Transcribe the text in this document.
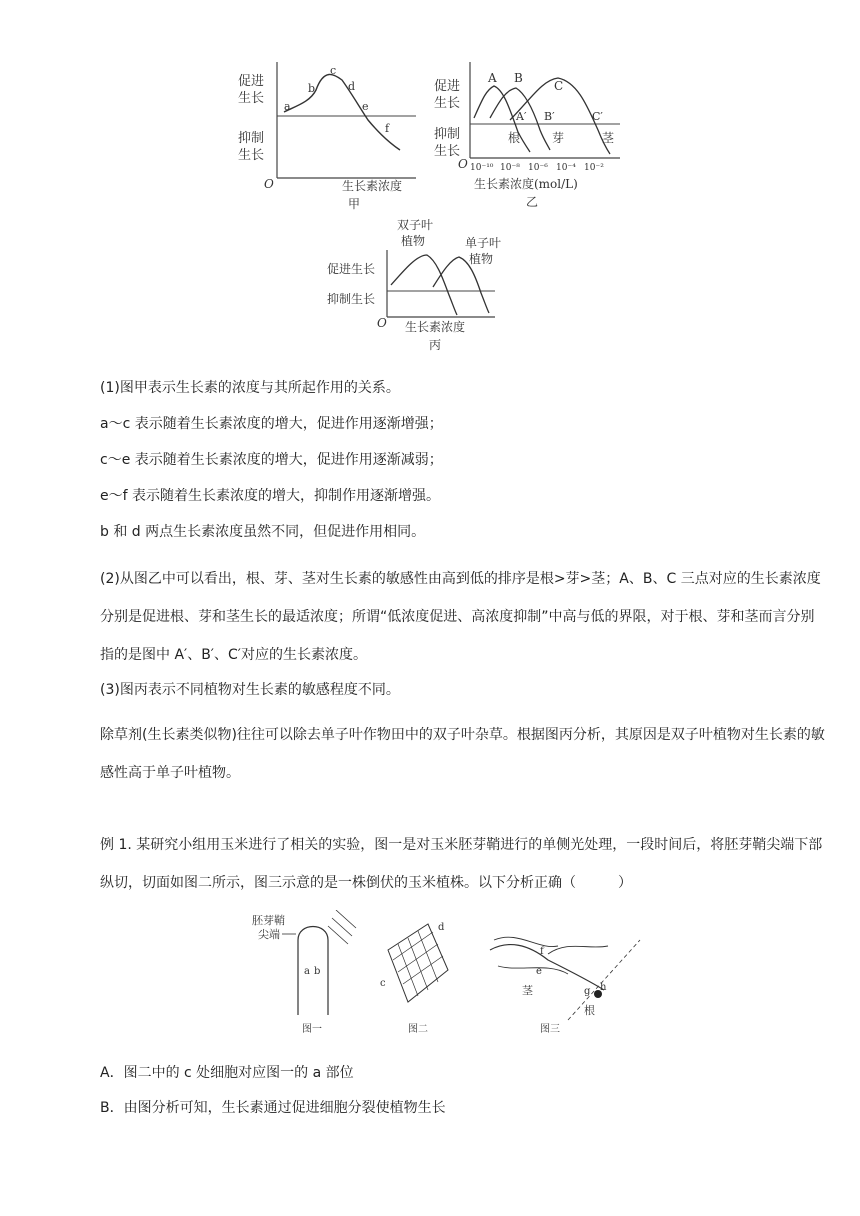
促进
生长
抑制
生长
a
b
c
d
e
f
O	生长素浓度
甲
促进
生长
抑制
生长
A B
C
A′ B′	C′
根	芽	茎
O 10⁻¹⁰ 10⁻⁸ 10⁻⁶ 10⁻⁴ 10⁻²
生长素浓度(mol/L)
乙
双子叶
植物	单子叶
植物
促进生长
抑制生长
O 生长素浓度
丙

(1)图甲表示生长素的浓度与其所起作用的关系。

a～c 表示随着生长素浓度的增大，促进作用逐渐增强；

c～e 表示随着生长素浓度的增大，促进作用逐渐减弱；

e～f 表示随着生长素浓度的增大，抑制作用逐渐增强。

b 和 d 两点生长素浓度虽然不同，但促进作用相同。

(2)从图乙中可以看出，根、芽、茎对生长素的敏感性由高到低的排序是根>芽>茎；A、B、C 三点对应的生长素浓度分别是促进根、芽和茎生长的最适浓度；所谓“低浓度促进、高浓度抑制”中高与低的界限，对于根、芽和茎而言分别指的是图中 A′、B′、C′对应的生长素浓度。

(3)图丙表示不同植物对生长素的敏感程度不同。

除草剂(生长素类似物)往往可以除去单子叶作物田中的双子叶杂草。根据图丙分析，其原因是双子叶植物对生长素的敏感性高于单子叶植物。

例 1. 某研究小组用玉米进行了相关的实验，图一是对玉米胚芽鞘进行的单侧光处理，一段时间后，将胚芽鞘尖端下部纵切，切面如图二所示，图三示意的是一株倒伏的玉米植株。以下分析正确（　　　）

胚芽鞘
尖端
a b
图一
c
d
图二
e
f
g h
茎
根
图三

A．图二中的 c 处细胞对应图一的 a 部位

B．由图分析可知，生长素通过促进细胞分裂使植物生长
